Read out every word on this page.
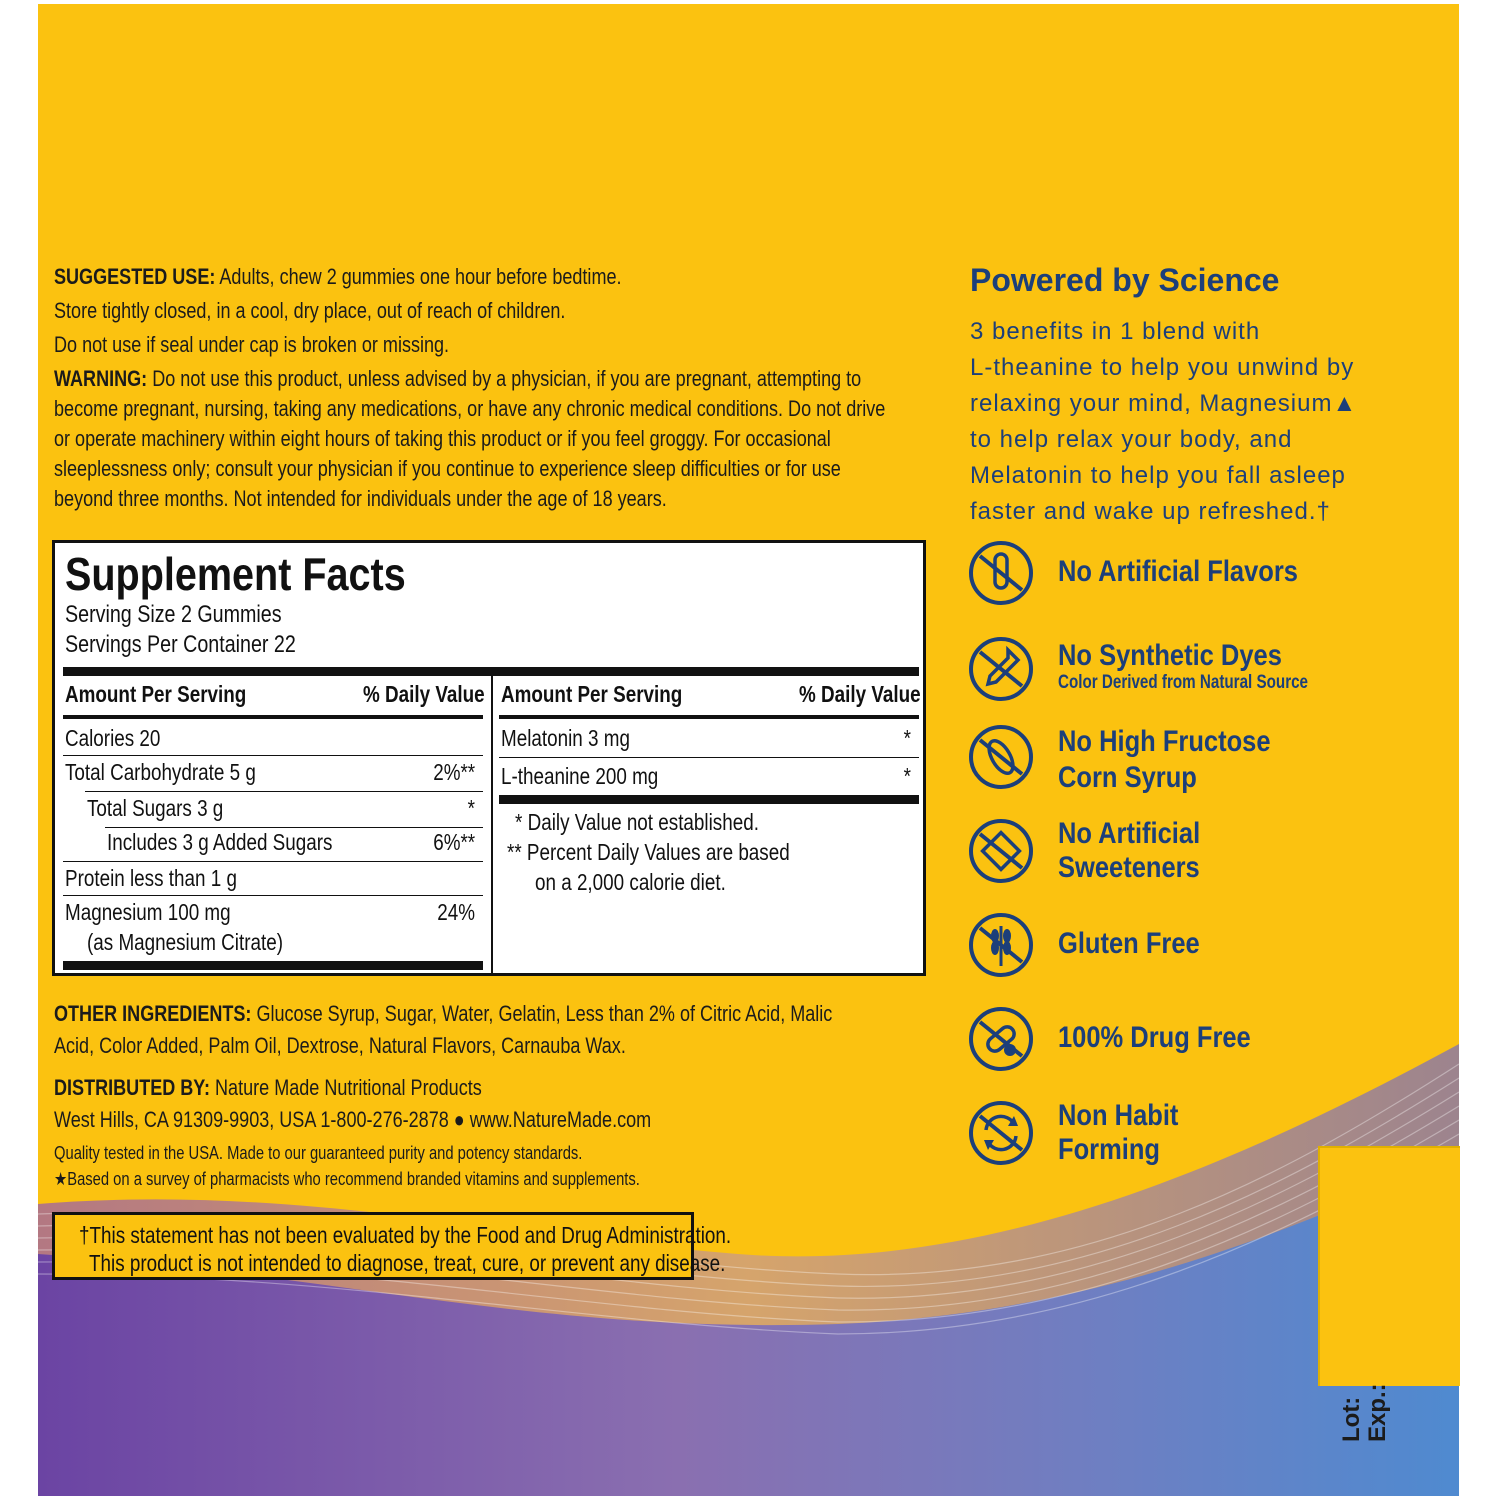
SUGGESTED USE: Adults, chew 2 gummies one hour before bedtime.
Store tightly closed, in a cool, dry place, out of reach of children.
Do not use if seal under cap is broken or missing.
WARNING: Do not use this product, unless advised by a physician, if you are pregnant, attempting to
become pregnant, nursing, taking any medications, or have any chronic medical conditions. Do not drive
or operate machinery within eight hours of taking this product or if you feel groggy. For occasional
sleeplessness only; consult your physician if you continue to experience sleep difficulties or for use
beyond three months. Not intended for individuals under the age of 18 years.
Supplement Facts
Serving Size 2 Gummies
Servings Per Container 22
Amount Per Serving	% Daily Value Amount Per Serving	% Daily Value
Calories 20
Total Carbohydrate 5 g	2%**
Total Sugars 3 g	*
Includes 3 g Added Sugars	6%**
Protein less than 1 g
Magnesium 100 mg	24%
(as Magnesium Citrate)
Melatonin 3 mg	*
L-theanine 200 mg	*
* Daily Value not established.
** Percent Daily Values are based
on a 2,000 calorie diet.
OTHER INGREDIENTS: Glucose Syrup, Sugar, Water, Gelatin, Less than 2% of Citric Acid, Malic
Acid, Color Added, Palm Oil, Dextrose, Natural Flavors, Carnauba Wax.
DISTRIBUTED BY: Nature Made Nutritional Products
West Hills, CA 91309-9903, USA 1-800-276-2878 ● www.NatureMade.com
Quality tested in the USA. Made to our guaranteed purity and potency standards.
★Based on a survey of pharmacists who recommend branded vitamins and supplements.
†This statement has not been evaluated by the Food and Drug Administration.
This product is not intended to diagnose, treat, cure, or prevent any disease.
Powered by Science
3 benefits in 1 blend with
L-theanine to help you unwind by
relaxing your mind, Magnesium▲
to help relax your body, and
Melatonin to help you fall asleep
faster and wake up refreshed.†
No Artificial Flavors
No Synthetic Dyes
Color Derived from Natural Source
No High Fructose
Corn Syrup
No Artificial
Sweeteners
Gluten Free
100% Drug Free
Non Habit
Forming
Lot: Exp.:
